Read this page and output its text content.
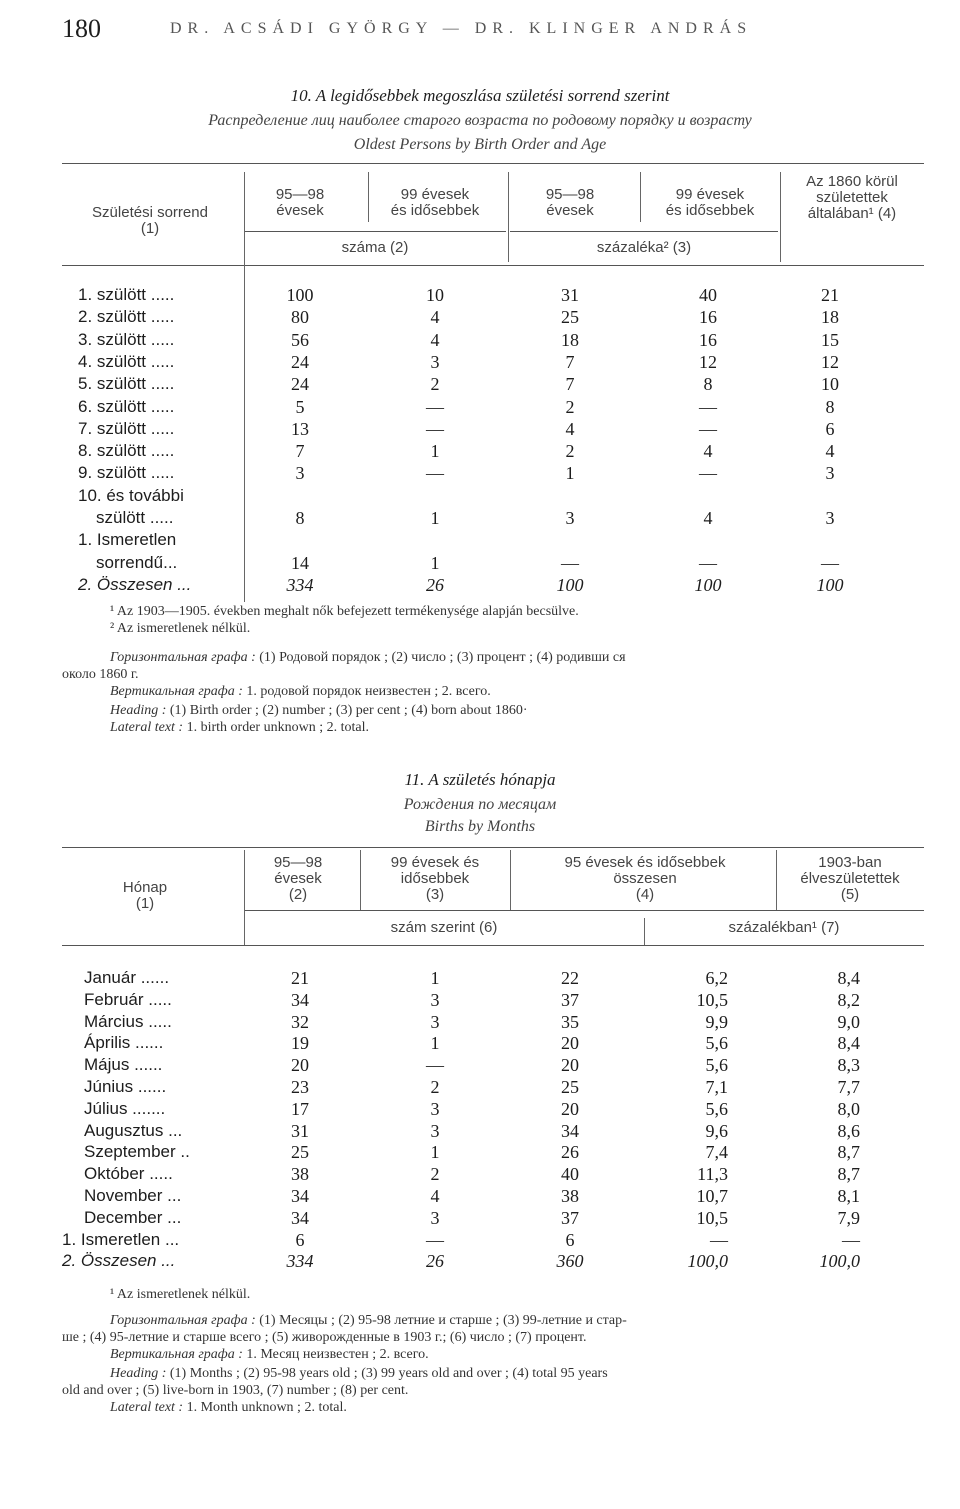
180	DR. ACSÁDI GYÖRGY — DR. KLINGER ANDRÁS
10. A legidősebbek megoszlása születési sorrend szerint
Распределение лиц наиболее старого возраста по родовому порядку и возрасту
Oldest Persons by Birth Order and Age
Születési sorrend
(1)
95—98
évesek
99 évesek
és idősebbek
95—98
évesek
99 évesek
és idősebbek
Az 1860 körül
születettek
általában¹ (4)
száma (2)	százaléka² (3)
1. szülött .....	100	10	31	40	21
2. szülött .....	80	4	25	16	18
3. szülött .....	56	4	18	16	15
4. szülött .....	24	3	7	12	12
5. szülött .....	24	2	7	8	10
6. szülött .....	5	—	2	—	8
7. szülött .....	13	—	4	—	6
8. szülött .....	7	1	2	4	4
9. szülött .....	3	—	1	—	3
10. és további
szülött .....	8	1	3	4	3
1. Ismeretlen
sorrendű...	14	1	—	—	—
2. Összesen ...	334	26	100	100	100
¹ Az 1903—1905. években meghalt nők befejezett termékenysége alapján becsülve.
² Az ismeretlenek nélkül.
Горизонтальная графа : (1) Родовой порядок ; (2) число ; (3) процент ; (4) родивши ся
около 1860 г.
Вертикальная графа : 1. родовой порядок неизвестен ; 2. всего.
Heading : (1) Birth order ; (2) number ; (3) per cent ; (4) born about 1860·
Lateral text : 1. birth order unknown ; 2. total.
11. A születés hónapja
Рождения по месяцам
Births by Months
Hónap
(1)
95—98
évesek
(2)
99 évesek és
idősebbek
(3)
95 évesek és idősebbek
összesen
(4)
1903-ban
élveszületettek
(5)
szám szerint (6)	százalékban¹ (7)
Január ......	21	1	22	6,2	8,4
Február .....	34	3	37	10,5	8,2
Március .....	32	3	35	9,9	9,0
Április ......	19	1	20	5,6	8,4
Május ......	20	—	20	5,6	8,3
Június ......	23	2	25	7,1	7,7
Július .......	17	3	20	5,6	8,0
Augusztus ...	31	3	34	9,6	8,6
Szeptember ..	25	1	26	7,4	8,7
Október .....	38	2	40	11,3	8,7
November ...	34	4	38	10,7	8,1
December ...	34	3	37	10,5	7,9
1. Ismeretlen ...	6	—	6	—	—
2. Összesen ...	334	26	360	100,0	100,0
¹ Az ismeretlenek nélkül.
Горизонтальная графа : (1) Месяцы ; (2) 95-98 летние и старше ; (3) 99-летние и стар-
ше ; (4) 95-летние и старше всего ; (5) живорожденные в 1903 г.; (6) число ; (7) процент.
Вертикальная графа : 1. Месяц неизвестен ; 2. всего.
Heading : (1) Months ; (2) 95-98 years old ; (3) 99 years old and over ; (4) total 95 years
old and over ; (5) live-born in 1903, (7) number ; (8) per cent.
Lateral text : 1. Month unknown ; 2. total.
